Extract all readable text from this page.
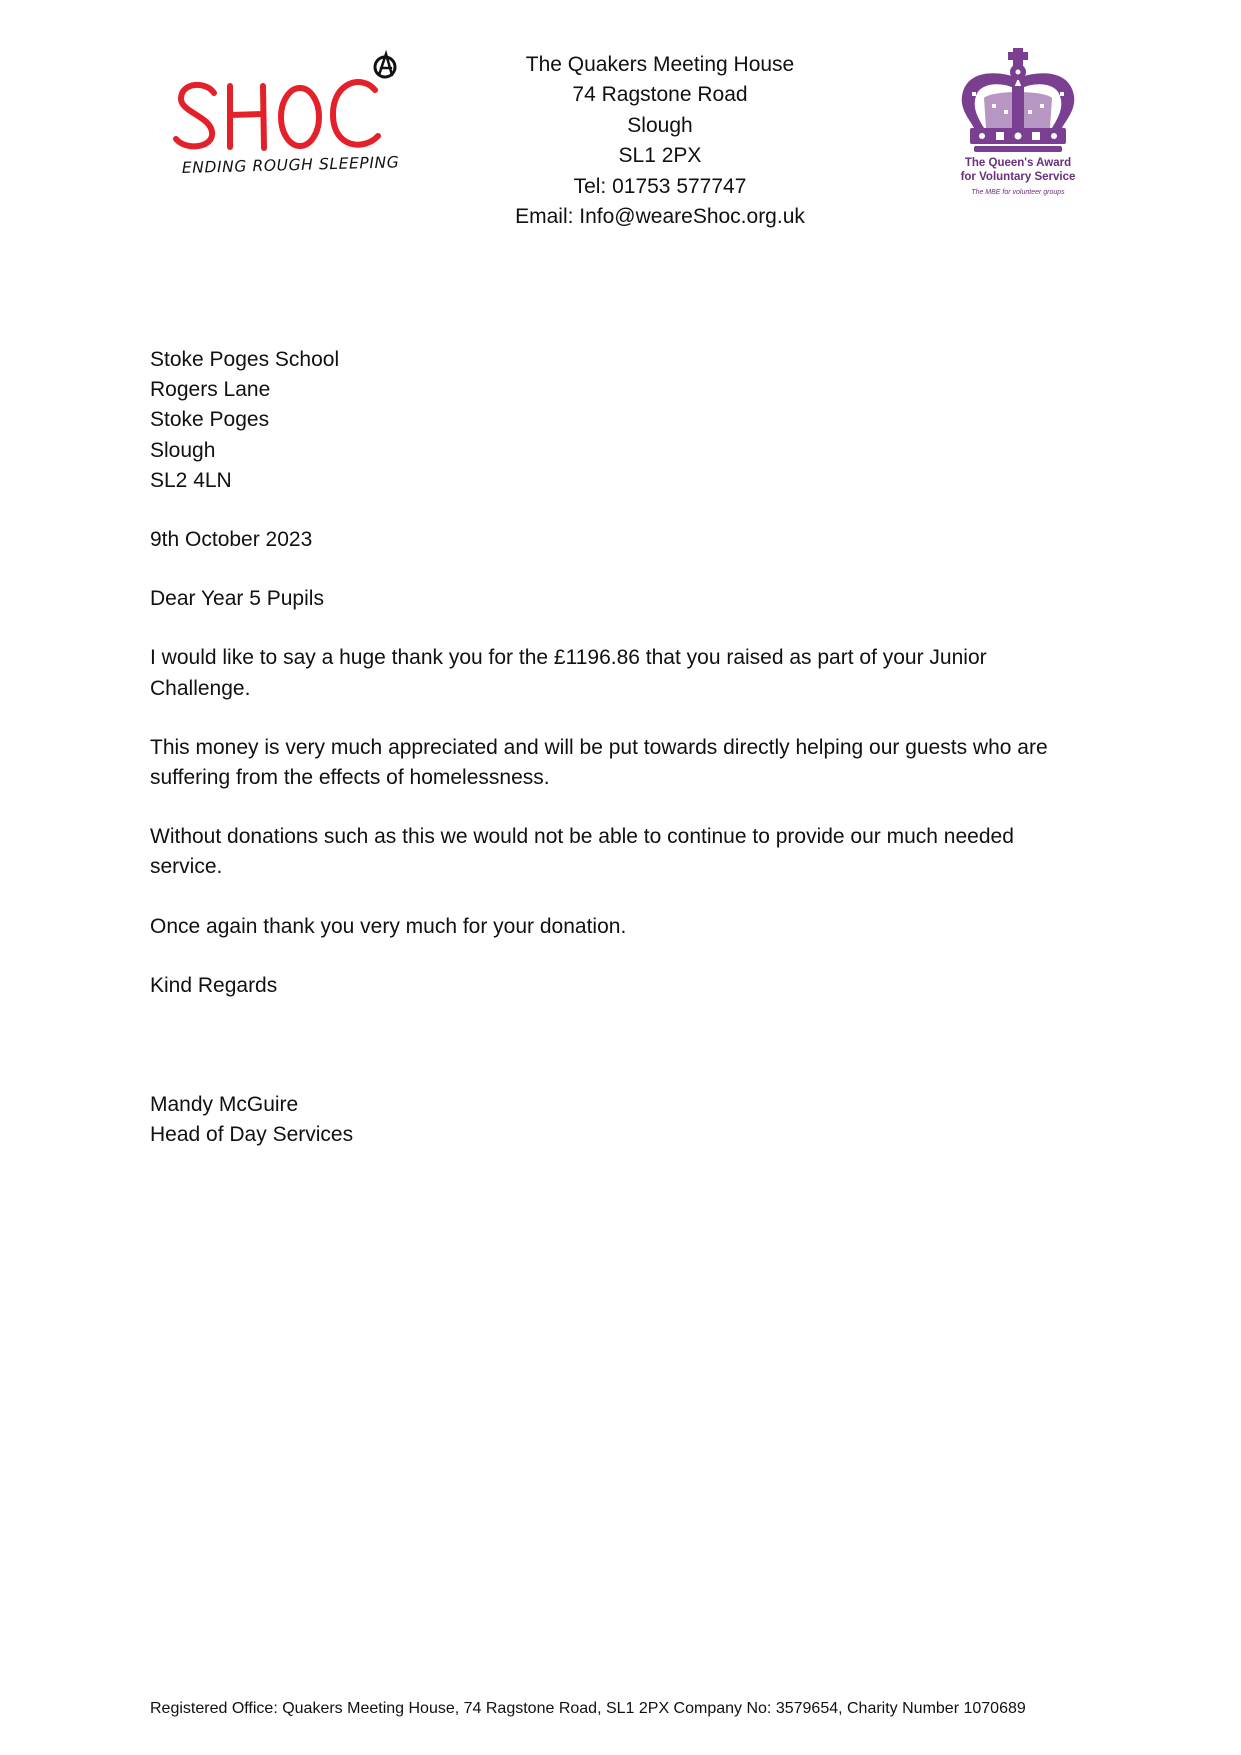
ENDING ROUGH SLEEPING
The Quakers Meeting House
74 Ragstone Road
Slough
SL1 2PX
Tel: 01753 577747
Email: Info@weareShoc.org.uk
The Queen's Award
for Voluntary Service
The MBE for volunteer groups
Stoke Poges School
Rogers Lane
Stoke Poges
Slough
SL2 4LN

9th October 2023

Dear Year 5 Pupils

I would like to say a huge thank you for the £1196.86 that you raised as part of your Junior Challenge.

This money is very much appreciated and will be put towards directly helping our guests who are suffering from the effects of homelessness.

Without donations such as this we would not be able to continue to provide our much needed service.

Once again thank you very much for your donation.

Kind Regards

Mandy McGuire

Head of Day Services

Registered Office: Quakers Meeting House, 74 Ragstone Road, SL1 2PX Company No: 3579654, Charity Number 1070689
